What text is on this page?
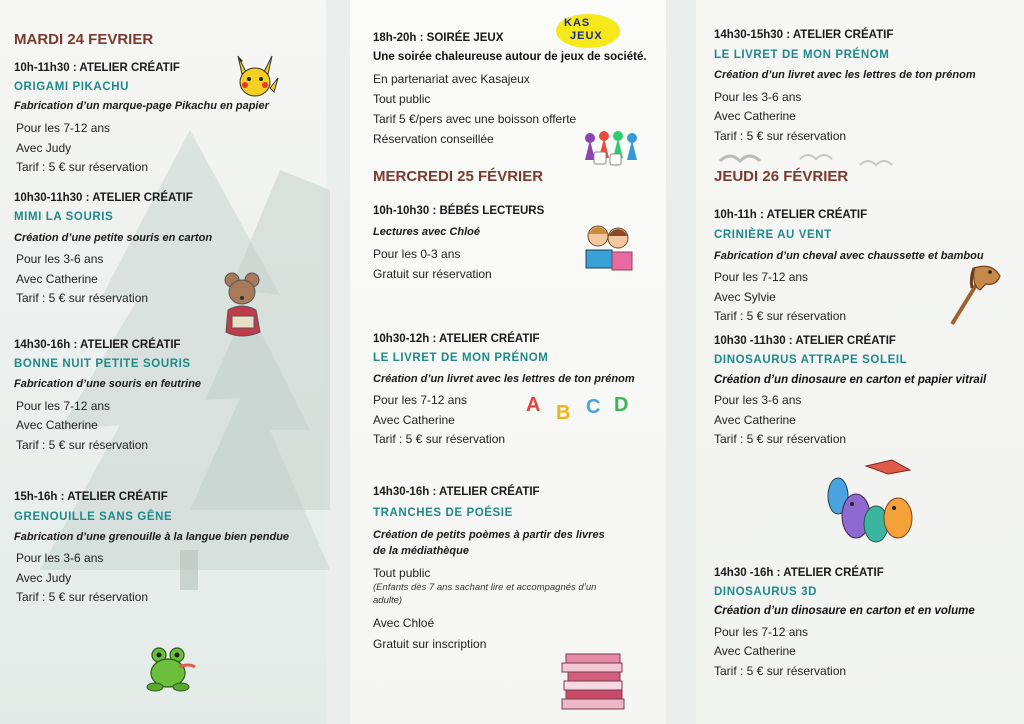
MARDI 24 FEVRIER
10h-11h30 : ATELIER CRÉATIF
ORIGAMI PIKACHU
Fabrication d’un marque-page Pikachu en papier
Pour les 7-12 ans
Avec Judy
Tarif : 5 € sur réservation
10h30-11h30 : ATELIER CRÉATIF
MIMI LA SOURIS
Création d’une petite souris en carton
Pour les 3-6 ans
Avec Catherine
Tarif : 5 € sur réservation
14h30-16h : ATELIER CRÉATIF
BONNE NUIT PETITE SOURIS
Fabrication d’une souris en feutrine
Pour les 7-12 ans
Avec Catherine
Tarif : 5 € sur réservation
15h-16h : ATELIER CRÉATIF
GRENOUILLE SANS GÊNE
Fabrication d’une grenouille à la langue bien pendue
Pour les 3-6 ans
Avec Judy
Tarif : 5 € sur réservation
18h-20h : SOIRÉE JEUX
Une soirée chaleureuse autour de jeux de société.
En partenariat avec Kasajeux
Tout public
Tarif 5 €/pers avec une boisson offerte
Réservation conseillée
KAS
JEUX
MERCREDI 25 FÉVRIER
10h-10h30 : BÉBÉS LECTEURS
Lectures avec Chloé
Pour les 0-3 ans
Gratuit sur réservation
10h30-12h : ATELIER CRÉATIF
LE LIVRET DE MON PRÉNOM
Création d’un livret avec les lettres de ton prénom
Pour les 7-12 ans
Avec Catherine
Tarif : 5 € sur réservation
A B C D
14h30-16h : ATELIER CRÉATIF
TRANCHES DE POÉSIE
Création de petits poèmes à partir des livres
de la médiathèque
Tout public
(Enfants dès 7 ans sachant lire et accompagnés d’un
adulte)
Avec Chloé
Gratuit sur inscription
14h30-15h30 : ATELIER CRÉATIF
LE LIVRET DE MON PRÉNOM
Création d’un livret avec les lettres de ton prénom
Pour les 3-6 ans
Avec Catherine
Tarif : 5 € sur réservation
JEUDI 26 FÉVRIER
10h-11h : ATELIER CRÉATIF
CRINIÈRE AU VENT
Fabrication d’un cheval avec chaussette et bambou
Pour les 7-12 ans
Avec Sylvie
Tarif : 5 € sur réservation
10h30 -11h30 : ATELIER CRÉATIF
DINOSAURUS ATTRAPE SOLEIL
Création d’un dinosaure en carton et papier vitrail
Pour les 3-6 ans
Avec Catherine
Tarif : 5 € sur réservation
14h30 -16h : ATELIER CRÉATIF
DINOSAURUS 3D
Création d’un dinosaure en carton et en volume
Pour les 7-12 ans
Avec Catherine
Tarif : 5 € sur réservation
